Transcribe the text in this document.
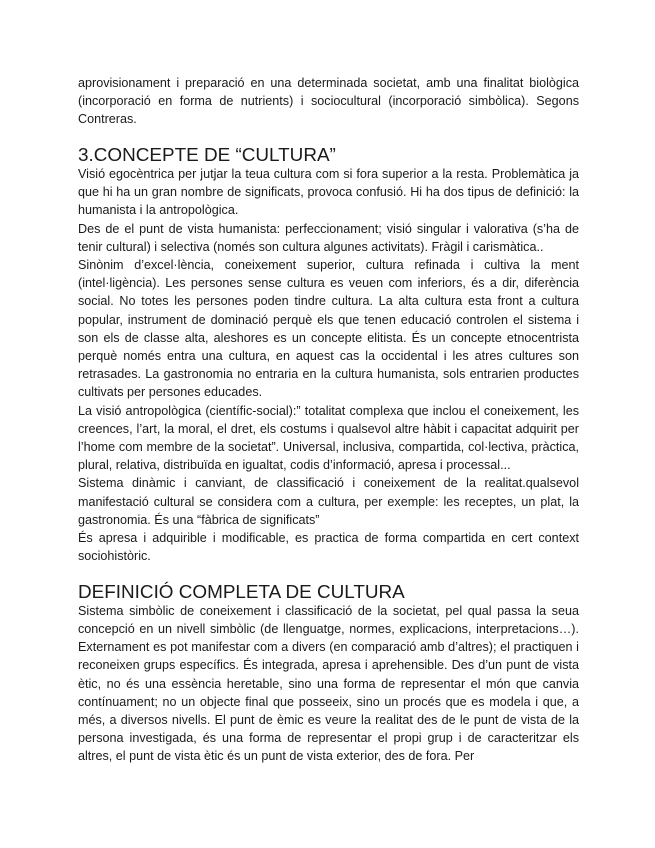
aprovisionament i preparació en una determinada societat, amb una finalitat biològica (incorporació en forma de nutrients) i sociocultural (incorporació simbòlica). Segons Contreras.

3.CONCEPTE DE “CULTURA”

Visió egocèntrica per jutjar la teua cultura com si fora superior a la resta. Problemàtica ja que hi ha un gran nombre de significats, provoca confusió. Hi ha dos tipus de definició: la humanista i la antropològica.

Des de el punt de vista humanista: perfeccionament; visió singular i valorativa (s’ha de tenir cultural) i selectiva (només son cultura algunes activitats). Fràgil i carismàtica..

Sinònim d’excel·lència, coneixement superior, cultura refinada i cultiva la ment (intel·ligència). Les persones sense cultura es veuen com inferiors, és a dir, diferència social. No totes les persones poden tindre cultura. La alta cultura esta front a cultura popular, instrument de dominació perquè els que tenen educació controlen el sistema i son els de classe alta, aleshores es un concepte elitista. És un concepte etnocentrista perquè només entra una cultura, en aquest cas la occidental i les atres cultures son retrasades. La gastronomia no entraria en la cultura humanista, sols entrarien productes cultivats per persones educades.

La visió antropològica (científic-social):” totalitat complexa que inclou el coneixement, les creences, l’art, la moral, el dret, els costums i qualsevol altre hàbit i capacitat adquirit per l’home com membre de la societat”. Universal, inclusiva, compartida, col·lectiva, pràctica, plural, relativa, distribuïda en igualtat, codis d’informació, apresa i processal...

Sistema dinàmic i canviant, de classificació i coneixement de la realitat.qualsevol manifestació cultural se considera com a cultura, per exemple: les receptes, un plat, la gastronomia. És una “fàbrica de significats”

És apresa i adquirible i modificable, es practica de forma compartida en cert context sociohistòric.

DEFINICIÓ COMPLETA DE CULTURA

Sistema simbòlic de coneixement i classificació de la societat, pel qual passa la seua concepció en un nivell simbòlic (de llenguatge, normes, explicacions, interpretacions…). Externament es pot manifestar com a divers (en comparació amb d’altres); el practiquen i reconeixen grups específics. És integrada, apresa i aprehensible. Des d’un punt de vista ètic, no és una essència heretable, sino una forma de representar el món que canvia contínuament; no un objecte final que posseeix, sino un procés que es modela i que, a més, a diversos nivells. El punt de èmic es veure la realitat des de le punt de vista de la persona investigada, és una forma de representar el propi grup i de caracteritzar els altres, el punt de vista ètic és un punt de vista exterior, des de fora. Per
